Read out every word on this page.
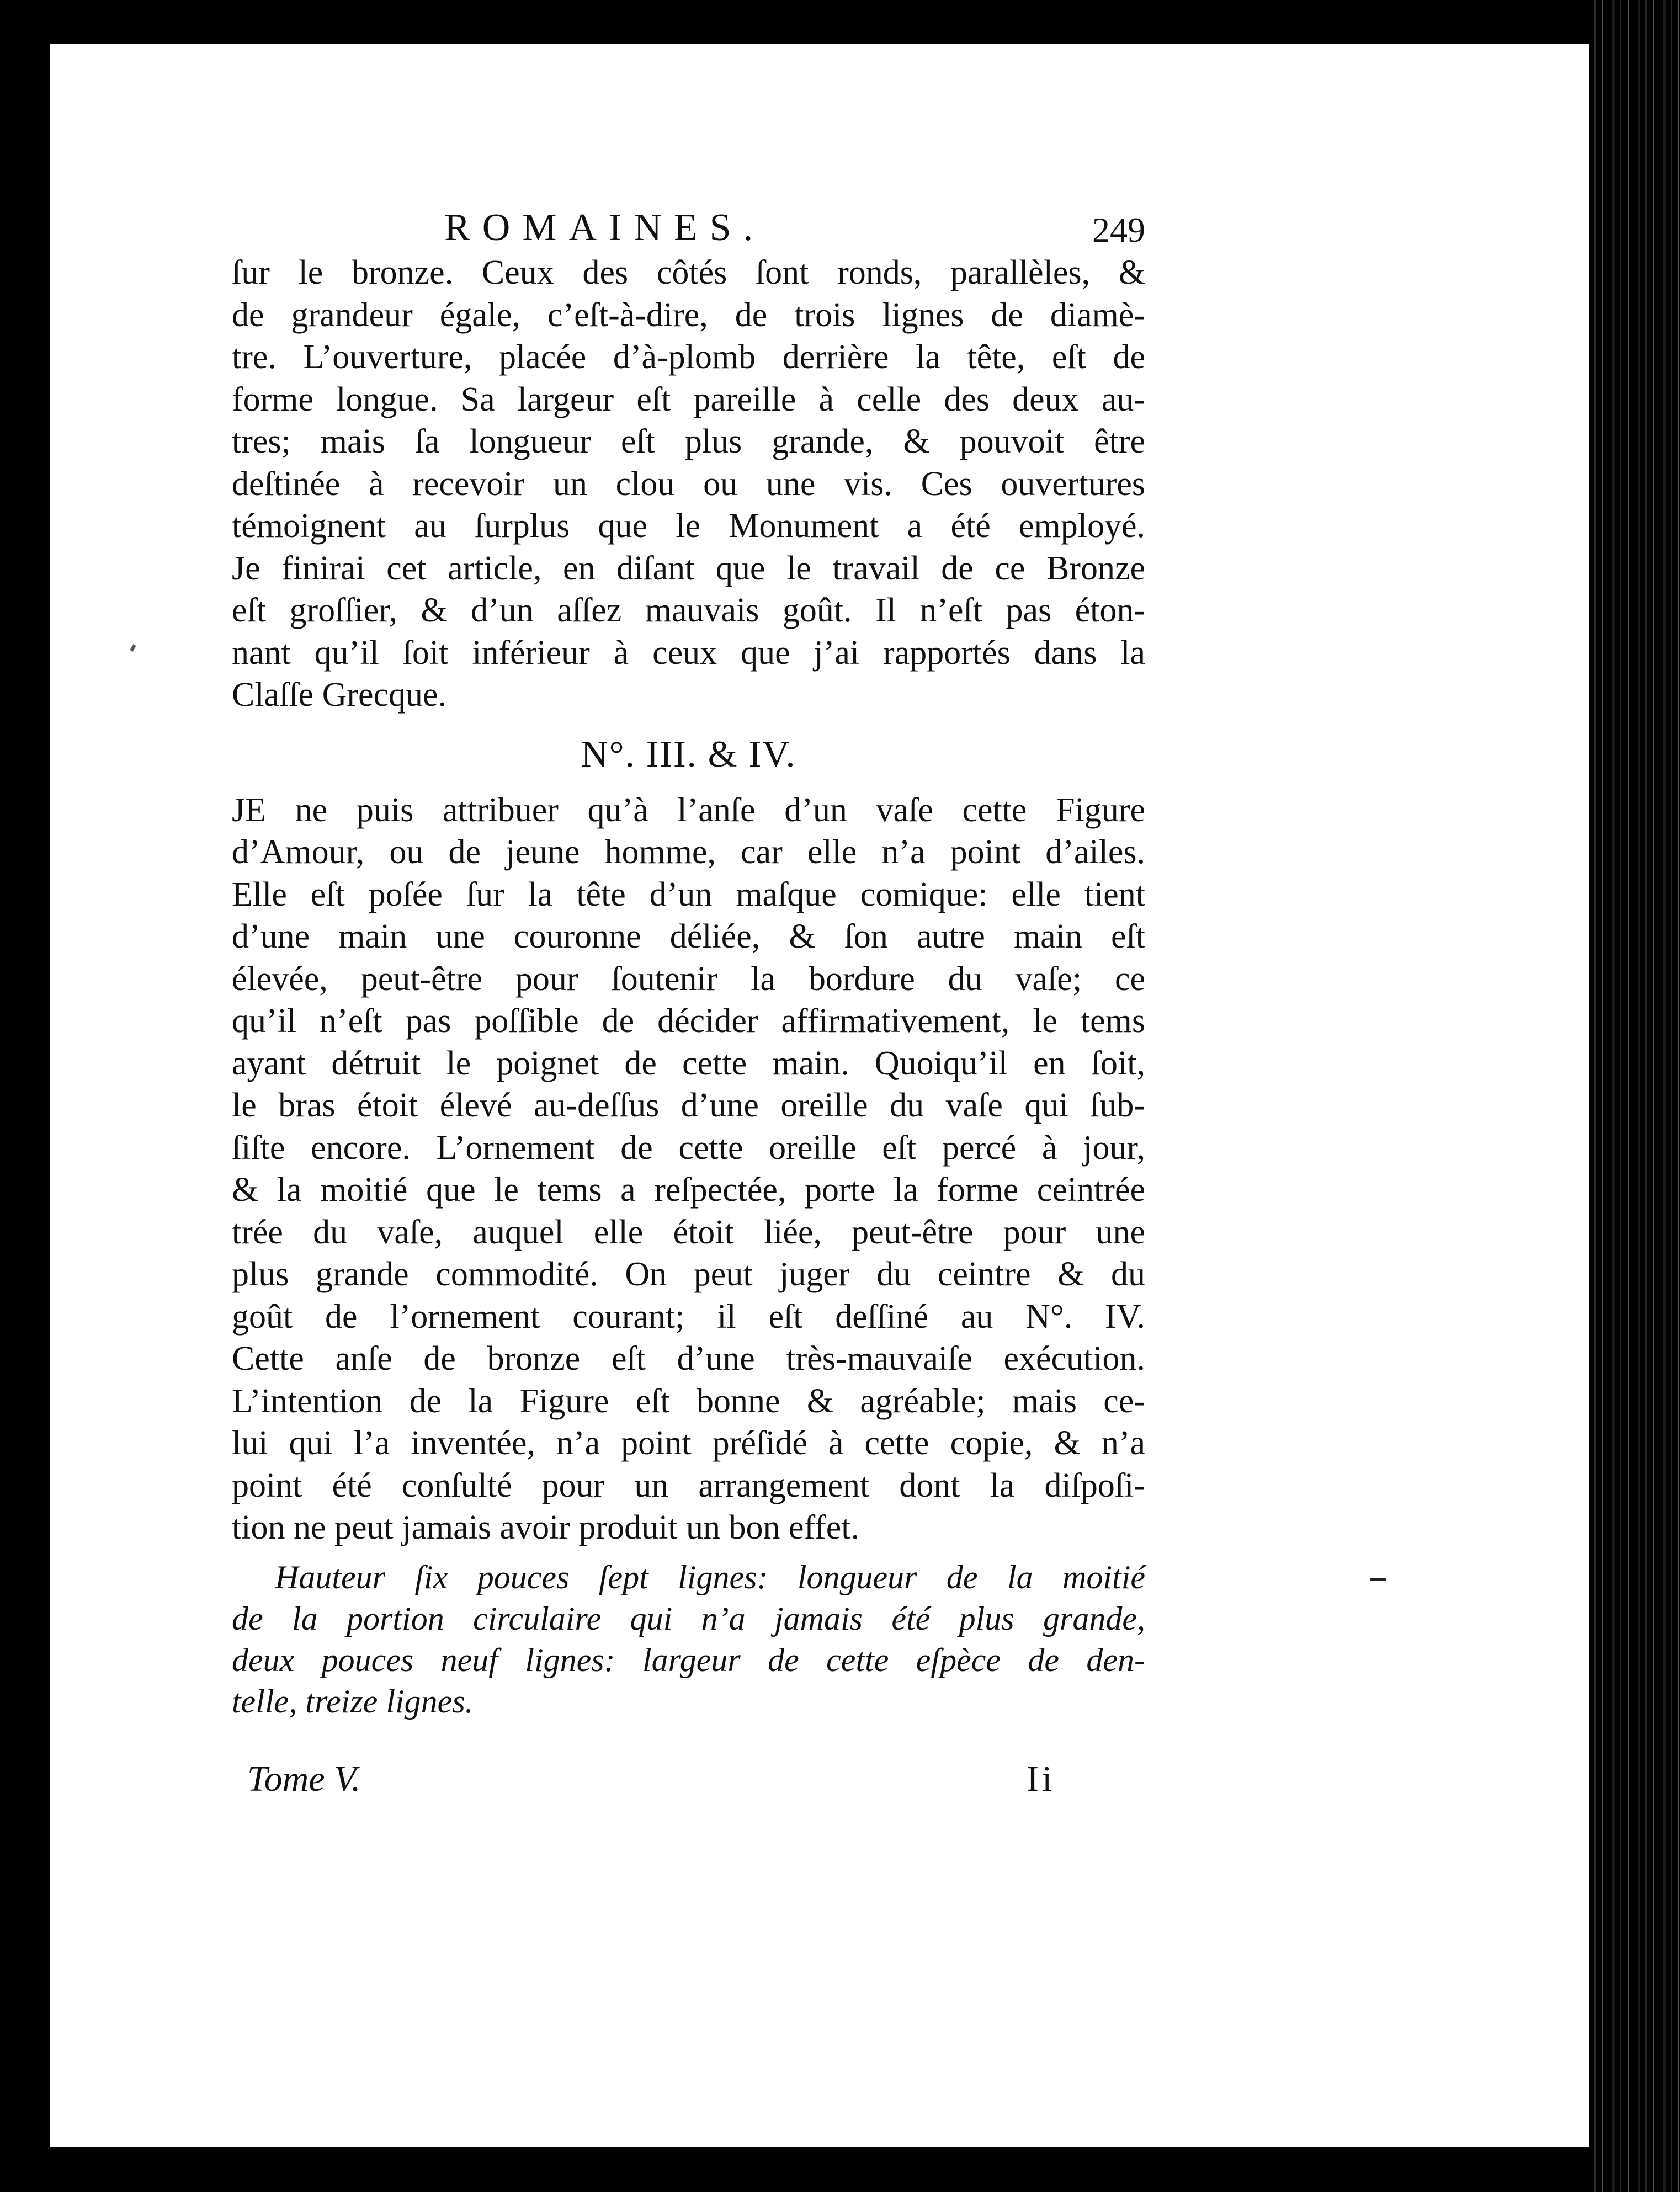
ROMAINES.	249

ſur le bronze. Ceux des côtés ſont ronds, parallèles, &
de grandeur égale, c’eſt-à-dire, de trois lignes de diamè-
tre. L’ouverture, placée d’à-plomb derrière la tête, eſt de
forme longue. Sa largeur eſt pareille à celle des deux au-
tres; mais ſa longueur eſt plus grande, & pouvoit être
deſtinée à recevoir un clou ou une vis. Ces ouvertures
témoignent au ſurplus que le Monument a été employé.
Je finirai cet article, en diſant que le travail de ce Bronze
eſt groſſier, & d’un aſſez mauvais goût. Il n’eſt pas éton-
nant qu’il ſoit inférieur à ceux que j’ai rapportés dans la
Claſſe Grecque.

N°. III. & IV.

JE ne puis attribuer qu’à l’anſe d’un vaſe cette Figure
d’Amour, ou de jeune homme, car elle n’a point d’ailes.
Elle eſt poſée ſur la tête d’un maſque comique: elle tient
d’une main une couronne déliée, & ſon autre main eſt
élevée, peut-être pour ſoutenir la bordure du vaſe; ce
qu’il n’eſt pas poſſible de décider affirmativement, le tems
ayant détruit le poignet de cette main. Quoiqu’il en ſoit,
le bras étoit élevé au-deſſus d’une oreille du vaſe qui ſub-
ſiſte encore. L’ornement de cette oreille eſt percé à jour,
& la moitié que le tems a reſpectée, porte la forme ceintrée
trée du vaſe, auquel elle étoit liée, peut-être pour une
plus grande commodité. On peut juger du ceintre & du
goût de l’ornement courant; il eſt deſſiné au N°. IV.
Cette anſe de bronze eſt d’une très-mauvaiſe exécution.
L’intention de la Figure eſt bonne & agréable; mais ce-
lui qui l’a inventée, n’a point préſidé à cette copie, & n’a
point été conſulté pour un arrangement dont la diſpoſi-
tion ne peut jamais avoir produit un bon effet.

Hauteur ſix pouces ſept lignes: longueur de la moitié
de la portion circulaire qui n’a jamais été plus grande,
deux pouces neuf lignes: largeur de cette eſpèce de den-
telle, treize lignes.
Tome V.	Ii
